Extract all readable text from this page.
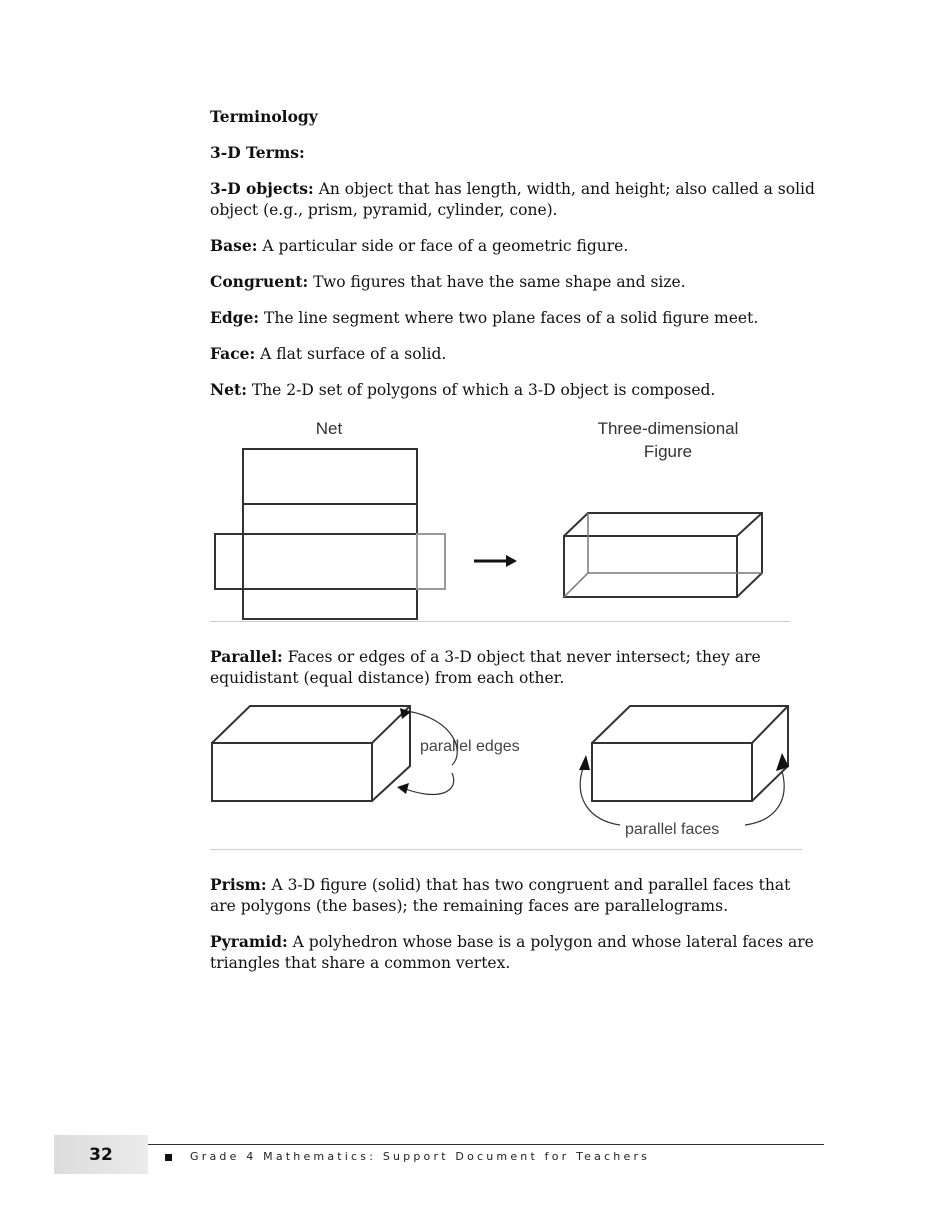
Terminology

3-D Terms:

3-D objects: An object that has length, width, and height; also called a solid object (e.g., prism, pyramid, cylinder, cone).

Base: A particular side or face of a geometric figure.

Congruent: Two figures that have the same shape and size.

Edge: The line segment where two plane faces of a solid figure meet.

Face: A flat surface of a solid.

Net: The 2-D set of polygons of which a 3-D object is composed.

Net	Three-dimensional
Figure

Parallel: Faces or edges of a 3-D object that never intersect; they are equidistant (equal distance) from each other.

parallel edges
parallel faces

Prism: A 3-D figure (solid) that has two congruent and parallel faces that are polygons (the bases); the remaining faces are parallelograms.

Pyramid: A polyhedron whose base is a polygon and whose lateral faces are triangles that share a common vertex.

32	Grade 4 Mathematics: Support Document for Teachers
